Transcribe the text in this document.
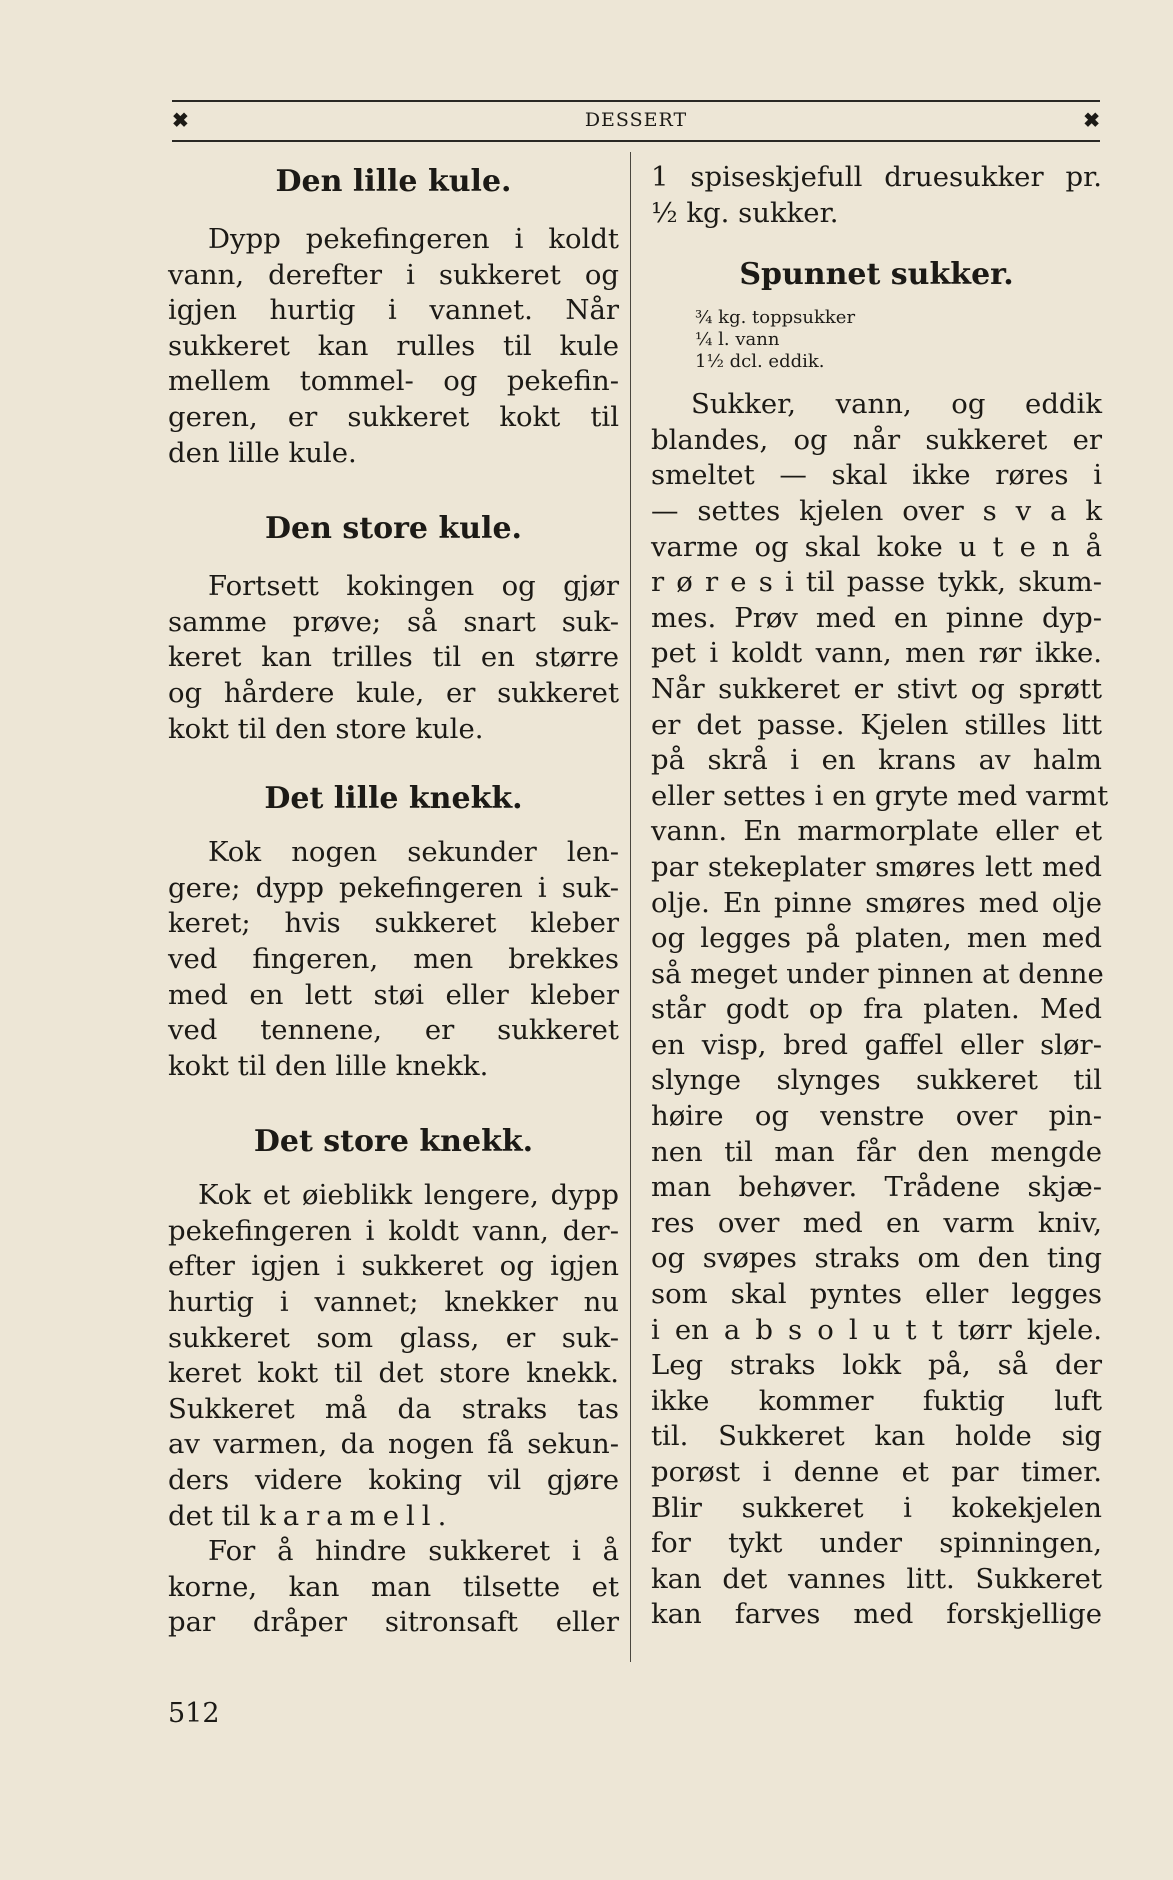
✖	DESSERT	✖
Den lille kule.

Dypp pekefingeren i koldt
vann, derefter i sukkeret og
igjen hurtig i vannet. Når
sukkeret kan rulles til kule
mellem tommel- og pekefin-
geren, er sukkeret kokt til
den lille kule.

Den store kule.

Fortsett kokingen og gjør
samme prøve; så snart suk-
keret kan trilles til en større
og hårdere kule, er sukkeret
kokt til den store kule.

Det lille knekk.

Kok nogen sekunder len-
gere; dypp pekefingeren i suk-
keret; hvis sukkeret kleber
ved fingeren, men brekkes
med en lett støi eller kleber
ved tennene, er sukkeret
kokt til den lille knekk.

Det store knekk.

Kok et øieblikk lengere, dypp
pekefingeren i koldt vann, der-
efter igjen i sukkeret og igjen
hurtig i vannet; knekker nu
sukkeret som glass, er suk-
keret kokt til det store knekk.
Sukkeret må da straks tas
av varmen, da nogen få sekun-
ders videre koking vil gjøre
det til karamell.
For å hindre sukkeret i å
korne, kan man tilsette et
par dråper sitronsaft eller

1 spiseskjefull druesukker pr.
½ kg. sukker.

Spunnet sukker.
¾ kg. toppsukker
¼ l. vann
1½ dcl. eddik.

Sukker, vann, og eddik
blandes, og når sukkeret er
smeltet — skal ikke røres i
— settes kjelen over s v a k
varme og skal koke u t e n å
r ø r e s i til passe tykk, skum-
mes. Prøv med en pinne dyp-
pet i koldt vann, men rør ikke.
Når sukkeret er stivt og sprøtt
er det passe. Kjelen stilles litt
på skrå i en krans av halm
eller settes i en gryte med varmt
vann. En marmorplate eller et
par stekeplater smøres lett med
olje. En pinne smøres med olje
og legges på platen, men med
så meget under pinnen at denne
står godt op fra platen. Med
en visp, bred gaffel eller slør-
slynge slynges sukkeret til
høire og venstre over pin-
nen til man får den mengde
man behøver. Trådene skjæ-
res over med en varm kniv,
og svøpes straks om den ting
som skal pyntes eller legges
i en a b s o l u t t tørr kjele.
Leg straks lokk på, så der
ikke kommer fuktig luft
til. Sukkeret kan holde sig
porøst i denne et par timer.
Blir sukkeret i kokekjelen
for tykt under spinningen,
kan det vannes litt. Sukkeret
kan farves med forskjellige

512
